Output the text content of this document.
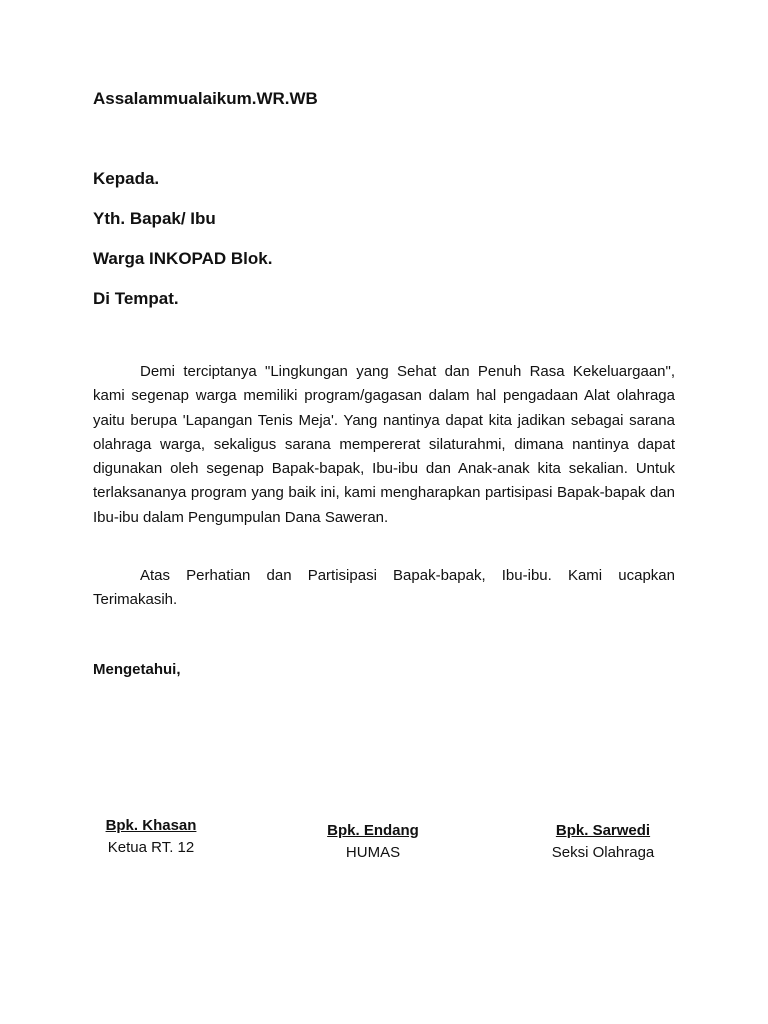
Assalammualaikum.WR.WB

Kepada.

Yth. Bapak/ Ibu

Warga INKOPAD Blok.

Di Tempat.

Demi terciptanya "Lingkungan yang Sehat dan Penuh Rasa Kekeluargaan", kami segenap warga memiliki program/gagasan dalam hal pengadaan Alat olahraga yaitu berupa 'Lapangan Tenis Meja'. Yang nantinya dapat kita jadikan sebagai sarana olahraga warga, sekaligus sarana mempererat silaturahmi, dimana nantinya dapat digunakan oleh segenap Bapak-bapak, Ibu-ibu dan Anak-anak kita sekalian. Untuk terlaksananya program yang baik ini, kami mengharapkan partisipasi Bapak-bapak dan Ibu-ibu dalam Pengumpulan Dana Saweran.

Atas Perhatian dan Partisipasi Bapak-bapak, Ibu-ibu. Kami ucapkan Terimakasih.

Mengetahui,

Bpk. Khasan
Ketua RT. 12
Bpk. Endang
HUMAS
Bpk. Sarwedi
Seksi Olahraga
